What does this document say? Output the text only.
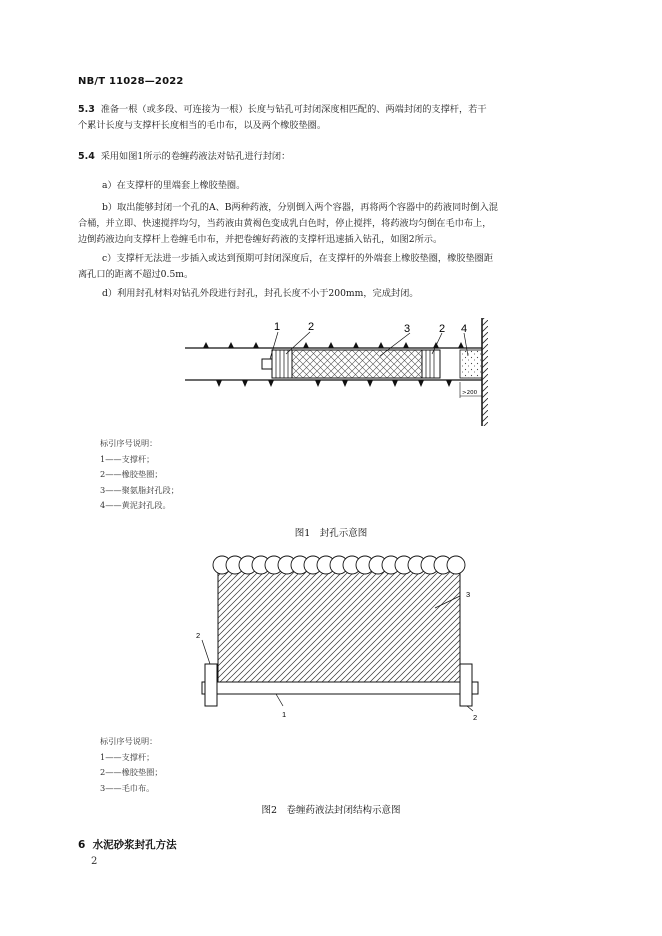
NB/T 11028—2022
5.3 准备一根（或多段、可连接为一根）长度与钻孔可封闭深度相匹配的、两端封闭的支撑杆，若干
个累计长度与支撑杆长度相当的毛巾布，以及两个橡胶垫圈。
5.4 采用如图1所示的卷缠药液法对钻孔进行封闭：
a）在支撑杆的里端套上橡胶垫圈。
b）取出能够封闭一个孔的A、B两种药液，分别倒入两个容器，再将两个容器中的药液同时倒入混
合桶，并立即、快速搅拌均匀，当药液由黄褐色变成乳白色时，停止搅拌，将药液均匀倒在毛巾布上，
边倒药液边向支撑杆上卷缠毛巾布，并把卷缠好药液的支撑杆迅速插入钻孔，如图2所示。
c）支撑杆无法进一步插入或达到预期可封闭深度后，在支撑杆的外端套上橡胶垫圈，橡胶垫圈距
离孔口的距离不超过0.5m。
d）利用封孔材料对钻孔外段进行封孔，封孔长度不小于200mm，完成封闭。
>200
1	2	3	2 4
标引序号说明：
1——支撑杆；
2——橡胶垫圈；
3——聚氨脂封孔段；
4——黄泥封孔段。
图1　封孔示意图
3
2
1	2
标引序号说明：
1——支撑杆；
2——橡胶垫圈；
3——毛巾布。
图2　卷缠药液法封闭结构示意图
6 水泥砂浆封孔方法
2
